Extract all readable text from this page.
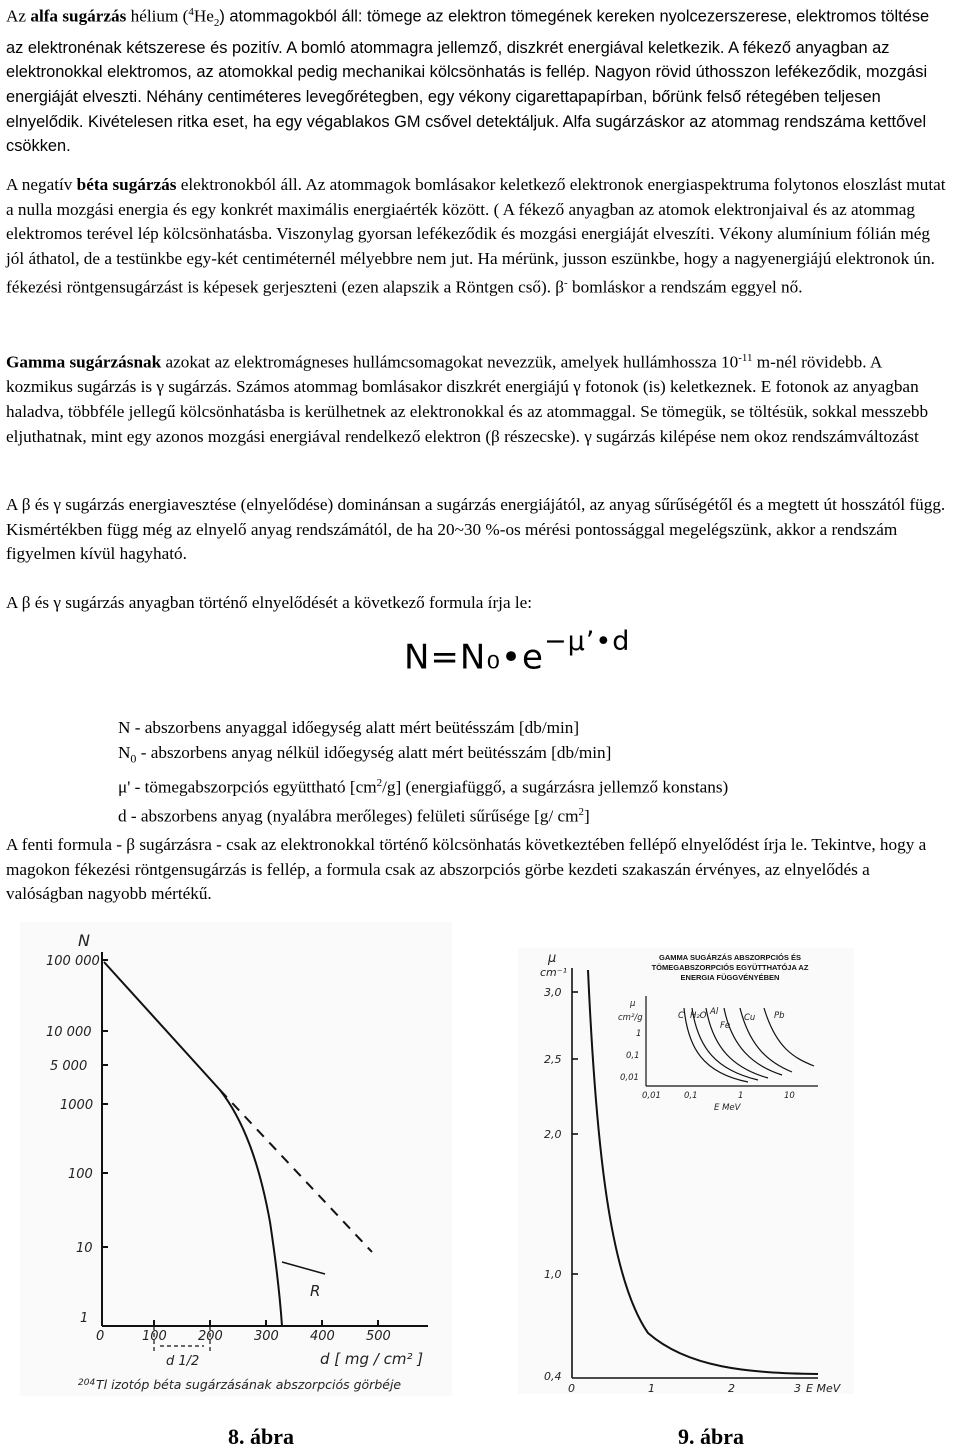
Az alfa sugárzás hélium $(^4He_2)$ atommagokból áll: tömege az elektron tömegének kereken nyolcezerszerese, elektromos töltése az elektronénak kétszerese és pozitív. A bomló atommagra jellemző, diszkrét energiával keletkezik. A fékező anyagban az elektronokkal elektromos, az atomokkal pedig mechanikai kölcsönhatás is fellép. Nagyon rövid úthosszon lefékeződik, mozgási energiáját elveszti. Néhány centiméteres levegőrétegben, egy vékony cigarettapapírban, bőrünk felső rétegében teljesen elnyelődik. Kivételesen ritka eset, ha egy végablakos GM csővel detektáljuk. Alfa sugárzáskor az atommag rendszáma kettővel csökken.

A negatív béta sugárzás elektronokból áll. Az atommagok bomlásakor keletkező elektronok energiaspektruma folytonos eloszlást mutat a nulla mozgási energia és egy konkrét maximális energiaérték között. ( A fékező anyagban az atomok elektronjaival és az atommag elektromos terével lép kölcsönhatásba. Viszonylag gyorsan lefékeződik és mozgási energiáját elveszíti. Vékony alumínium fólián még jól áthatol, de a testünkbe egy-két centiméternél mélyebbre nem jut. Ha mérünk, jusson eszünkbe, hogy a nagyenergiájú elektronok ún. fékezési röntgensugárzást is képesek gerjeszteni (ezen alapszik a Röntgen cső). β- bomláskor a rendszám eggyel nő.

Gamma sugárzásnak azokat az elektromágneses hullámcsomagokat nevezzük, amelyek hullámhossza $10^{-11}$ m-nél rövidebb. A kozmikus sugárzás is γ sugárzás. Számos atommag bomlásakor diszkrét energiájú γ fotonok (is) keletkeznek. E fotonok az anyagban haladva, többféle jellegű kölcsönhatásba is kerülhetnek az elektronokkal és az atommaggal. Se tömegük, se töltésük, sokkal messzebb eljuthatnak, mint egy azonos mozgási energiával rendelkező elektron (β részecske). γ sugárzás kilépése nem okoz rendszámváltozást

A β és γ sugárzás energiavesztése (elnyelődése) dominánsan a sugárzás energiájától, az anyag sűrűségétől és a megtett út hosszától függ. Kismértékben függ még az elnyelő anyag rendszámától, de ha 20~30 %-os mérési pontossággal megelégszünk, akkor a rendszám figyelmen kívül hagyható.

A β és γ sugárzás anyagban történő elnyelődését a következő formula írja le:

$N=N_0•e^{-\mu’•d}$
N - abszorbens anyaggal időegység alatt mért beütésszám [db/min]
$N_0$ - abszorbens anyag nélkül időegység alatt mért beütésszám [db/min]
μ' - tömegabszorpciós együttható $[cm^2/g]$ (energiafüggő, a sugárzásra jellemző konstans)
d - abszorbens anyag (nyalábra merőleges) felületi sűrűsége [g/ $cm^2$]

A fenti formula - β sugárzásra - csak az elektronokkal történő kölcsönhatás következtében fellépő elnyelődést írja le. Tekintve, hogy a magokon fékezési röntgensugárzás is fellép, a formula csak az abszorpciós görbe kezdeti szakaszán érvényes, az elnyelődés a valóságban nagyobb mértékű.

N
100 000
10 000
5 000
1000
100
10
1
0	100 200 300 400 500
d [ mg / cm² ]
d 1/2
R
204 Tl izotóp béta sugárzásának abszorpciós görbéje
8. ábra
μ
cm⁻¹
3,0
2,5
2,0
1,0
0,4
0	1	2	3 E MeV
GAMMA SUGÁRZÁS ABSZORPCIÓS ÉS
TÖMEGABSZORPCIÓS EGYÜTTHATÓJA AZ
ENERGIA FÜGGVÉNYÉBEN
μ
cm²/g
1
0,1
0,01
0,01	0,1	1	10
E MeV
C H₂O Al
Fe
Cu Pb
9. ábra
